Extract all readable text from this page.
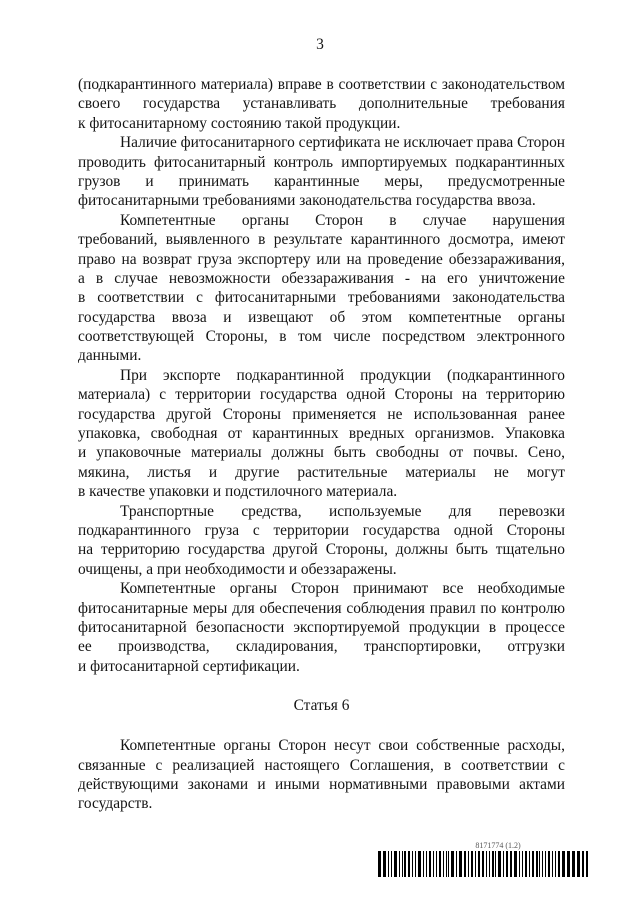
3
(подкарантинного материала) вправе в соответствии с законодательством
своего государства устанавливать дополнительные требования
к фитосанитарному состоянию такой продукции.
Наличие фитосанитарного сертификата не исключает права Сторон
проводить фитосанитарный контроль импортируемых подкарантинных
грузов и принимать карантинные меры, предусмотренные
фитосанитарными требованиями законодательства государства ввоза.
Компетентные органы Сторон в случае нарушения
требований, выявленного в результате карантинного досмотра, имеют
право на возврат груза экспортеру или на проведение обеззараживания,
а в случае невозможности обеззараживания - на его уничтожение
в соответствии с фитосанитарными требованиями законодательства
государства ввоза и извещают об этом компетентные органы
соответствующей Стороны, в том числе посредством электронного
данными.
При экспорте подкарантинной продукции (подкарантинного
материала) с территории государства одной Стороны на территорию
государства другой Стороны применяется не использованная ранее
упаковка, свободная от карантинных вредных организмов. Упаковка
и упаковочные материалы должны быть свободны от почвы. Сено,
мякина, листья и другие растительные материалы не могут
в качестве упаковки и подстилочного материала.
Транспортные средства, используемые для перевозки
подкарантинного груза с территории государства одной Стороны
на территорию государства другой Стороны, должны быть тщательно
очищены, а при необходимости и обеззаражены.
Компетентные органы Сторон принимают все необходимые
фитосанитарные меры для обеспечения соблюдения правил по контролю
фитосанитарной безопасности экспортируемой продукции в процессе
ее производства, складирования, транспортировки, отгрузки
и фитосанитарной сертификации.
Статья 6
Компетентные органы Сторон несут свои собственные расходы,
связанные с реализацией настоящего Соглашения, в соответствии с
действующими законами и иными нормативными правовыми актами
государств.
8171774 (1.2)
